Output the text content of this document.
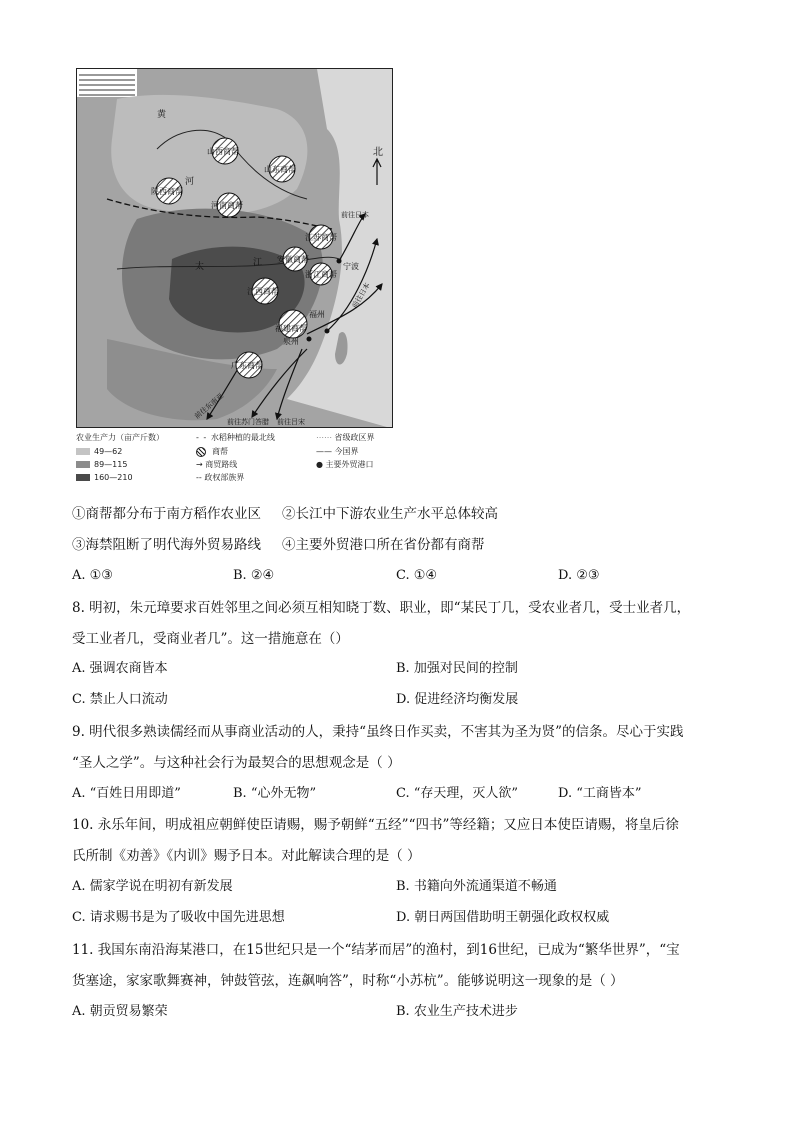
黄
河
太	江
山西商帮
陕西商帮
河南商帮
山东商帮
江苏商帮
安徽商帮
浙江商帮
江西商帮
福建商帮
广东商帮
宁波
福州
泉州
前往日本
前往日本
前往吕宋
前往东南亚
前往苏门答腊
北
农业生产力（亩产斤数）
49—62
89—115
160—210
- - 水稻种植的最北线
商帮
→ 商贸路线
-- 政权部族界
⋯⋯ 省级政区界
—— 今国界
● 主要外贸港口
①商帮都分布于南方稻作农业区 ②长江中下游农业生产水平总体较高
③海禁阻断了明代海外贸易路线 ④主要外贸港口所在省份都有商帮
A. ①③	B. ②④	C. ①④	D. ②③
8. 明初，朱元璋要求百姓邻里之间必须互相知晓丁数、职业，即“某民丁几，受农业者几，受士业者几，
受工业者几，受商业者几”。这一措施意在（）
A. 强调农商皆本	B. 加强对民间的控制
C. 禁止人口流动	D. 促进经济均衡发展
9. 明代很多熟读儒经而从事商业活动的人，秉持“虽终日作买卖，不害其为圣为贤”的信条。尽心于实践
“圣人之学”。与这种社会行为最契合的思想观念是（ ）
A. “百姓日用即道”	B. “心外无物”	C. “存天理，灭人欲”	D. “工商皆本”
10. 永乐年间，明成祖应朝鲜使臣请赐，赐予朝鲜“五经”“四书”等经籍；又应日本使臣请赐，将皇后徐
氏所制《劝善》《内训》赐予日本。对此解读合理的是（ ）
A. 儒家学说在明初有新发展	B. 书籍向外流通渠道不畅通
C. 请求赐书是为了吸收中国先进思想	D. 朝日两国借助明王朝强化政权权威
11. 我国东南沿海某港口，在15世纪只是一个“结茅而居”的渔村，到16世纪，已成为“繁华世界”，“宝
货塞途，家家歌舞赛神，钟鼓管弦，连飙响答”，时称“小苏杭”。能够说明这一现象的是（ ）
A. 朝贡贸易繁荣	B. 农业生产技术进步
